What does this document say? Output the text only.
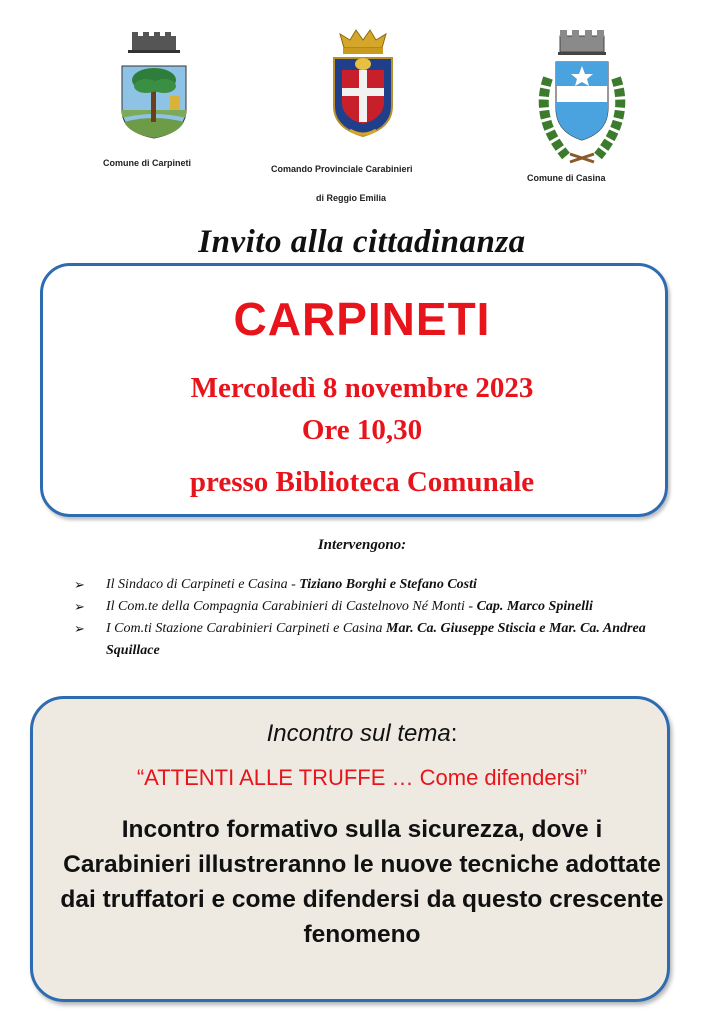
Comune di Carpineti
Comando Provinciale Carabinieri
di Reggio Emilia
Comune di Casina
Invito alla cittadinanza
CARPINETI
Mercoledì 8 novembre 2023
Ore 10,30
presso Biblioteca Comunale
Intervengono:
➢ Il Sindaco di Carpineti e Casina - Tiziano Borghi e Stefano Costi
➢ Il Com.te della Compagnia Carabinieri di Castelnovo Né Monti - Cap. Marco Spinelli
➢ I Com.ti Stazione Carabinieri Carpineti e Casina Mar. Ca. Giuseppe Stiscia e Mar. Ca. Andrea Squillace
Incontro sul tema:
“ATTENTI ALLE TRUFFE … Come difendersi”
Incontro formativo sulla sicurezza, dove i Carabinieri illustreranno le nuove tecniche adottate dai truffatori e come difendersi da questo crescente fenomeno
